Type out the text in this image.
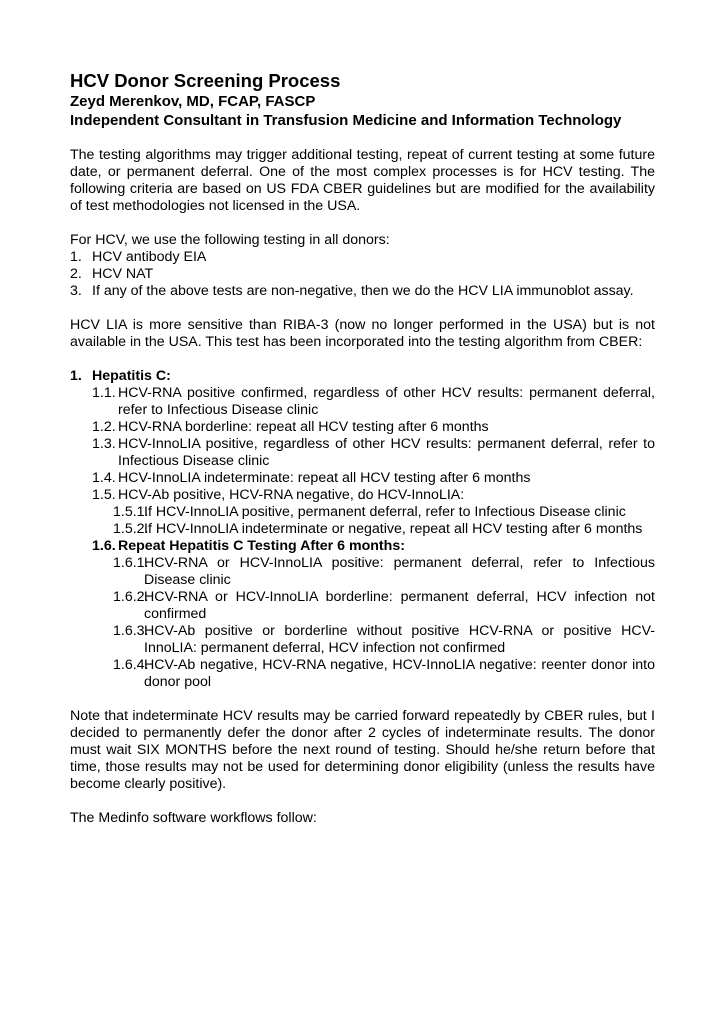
HCV Donor Screening Process
Zeyd Merenkov, MD, FCAP, FASCP
Independent Consultant in Transfusion Medicine and Information Technology

The testing algorithms may trigger additional testing, repeat of current testing at some future date, or permanent deferral. One of the most complex processes is for HCV testing. The following criteria are based on US FDA CBER guidelines but are modified for the availability of test methodologies not licensed in the USA.

For HCV, we use the following testing in all donors:

1. HCV antibody EIA
2. HCV NAT
3. If any of the above tests are non-negative, then we do the HCV LIA immunoblot assay.

HCV LIA is more sensitive than RIBA-3 (now no longer performed in the USA) but is not available in the USA. This test has been incorporated into the testing algorithm from CBER:

1. Hepatitis C:
1.1. HCV-RNA positive confirmed, regardless of other HCV results: permanent deferral, refer to Infectious Disease clinic
1.2. HCV-RNA borderline: repeat all HCV testing after 6 months
1.3. HCV-InnoLIA positive, regardless of other HCV results: permanent deferral, refer to Infectious Disease clinic
1.4. HCV-InnoLIA indeterminate: repeat all HCV testing after 6 months
1.5. HCV-Ab positive, HCV-RNA negative, do HCV-InnoLIA:
1.5.1.
If HCV-InnoLIA positive, permanent deferral, refer to Infectious Disease clinic
1.5.2.
If HCV-InnoLIA indeterminate or negative, repeat all HCV testing after 6 months
1.6. Repeat Hepatitis C Testing After 6 months:
1.6.1.
HCV-RNA or HCV-InnoLIA positive: permanent deferral, refer to Infectious Disease clinic
1.6.2.
HCV-RNA or HCV-InnoLIA borderline: permanent deferral, HCV infection not confirmed
1.6.3.
HCV-Ab positive or borderline without positive HCV-RNA or positive HCV-InnoLIA: permanent deferral, HCV infection not confirmed
1.6.4.
HCV-Ab negative, HCV-RNA negative, HCV-InnoLIA negative: reenter donor into donor pool

Note that indeterminate HCV results may be carried forward repeatedly by CBER rules, but I decided to permanently defer the donor after 2 cycles of indeterminate results. The donor must wait SIX MONTHS before the next round of testing. Should he/she return before that time, those results may not be used for determining donor eligibility (unless the results have become clearly positive).

The Medinfo software workflows follow:
